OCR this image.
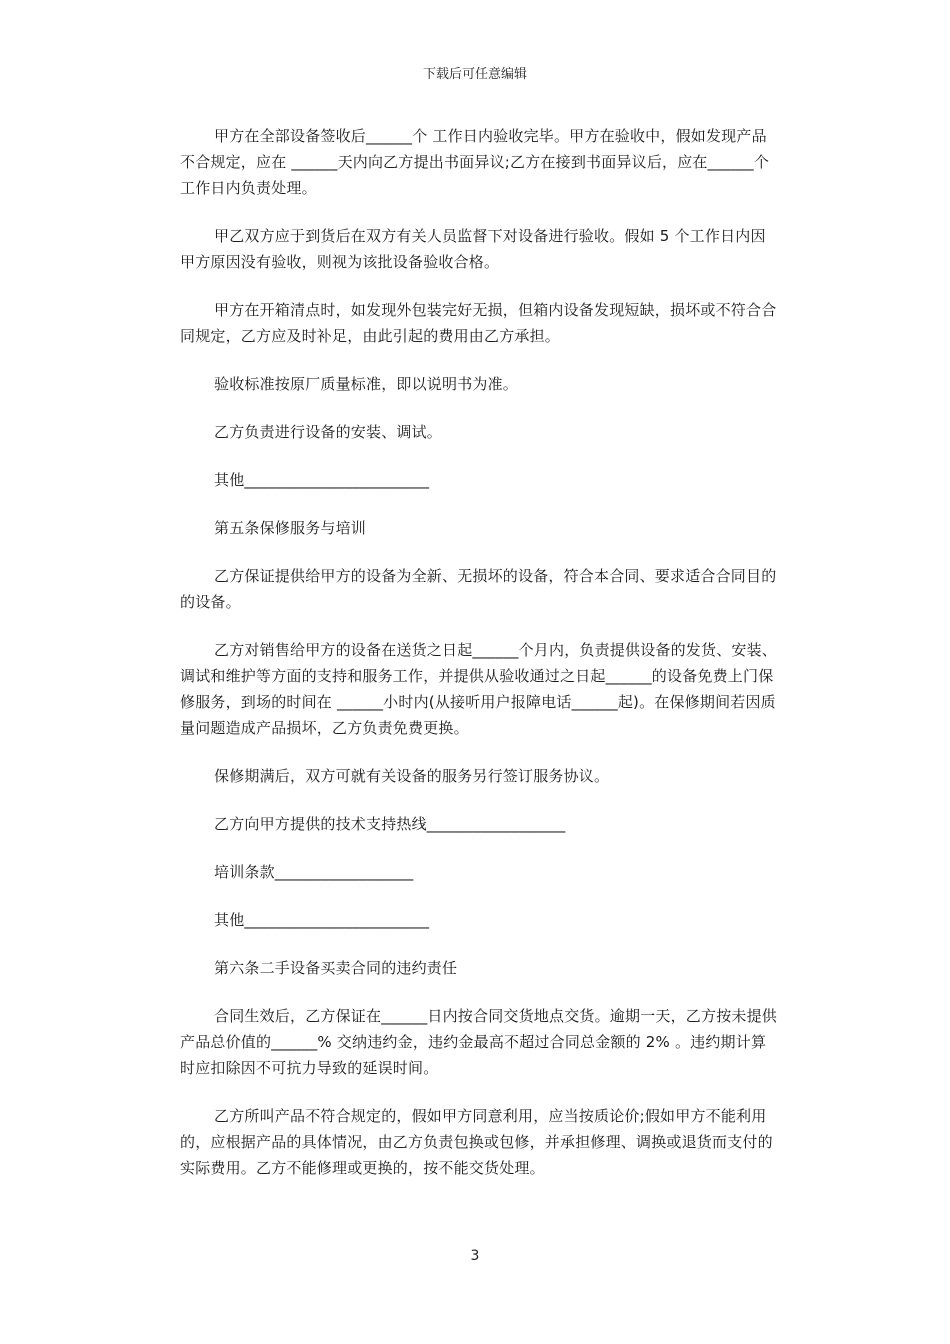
下载后可任意编辑

甲方在全部设备签收后______个 工作日内验收完毕。甲方在验收中，假如发现产品不合规定，应在 ______天内向乙方提出书面异议;乙方在接到书面异议后，应在______个 工作日内负责处理。

甲乙双方应于到货后在双方有关人员监督下对设备进行验收。假如 5 个工作日内因甲方原因没有验收，则视为该批设备验收合格。

甲方在开箱清点时，如发现外包装完好无损，但箱内设备发现短缺，损坏或不符合合同规定，乙方应及时补足，由此引起的费用由乙方承担。

验收标准按原厂质量标准，即以说明书为准。

乙方负责进行设备的安装、调试。

其他________________________

第五条保修服务与培训

乙方保证提供给甲方的设备为全新、无损坏的设备，符合本合同、要求适合合同目的的设备。

乙方对销售给甲方的设备在送货之日起______个月内，负责提供设备的发货、安装、调试和维护等方面的支持和服务工作，并提供从验收通过之日起______的设备免费上门保修服务，到场的时间在 ______小时内(从接听用户报障电话______起)。在保修期间若因质量问题造成产品损坏，乙方负责免费更换。

保修期满后，双方可就有关设备的服务另行签订服务协议。

乙方向甲方提供的技术支持热线__________________

培训条款__________________

其他________________________

第六条二手设备买卖合同的违约责任

合同生效后，乙方保证在______日内按合同交货地点交货。逾期一天，乙方按未提供产品总价值的______% 交纳违约金，违约金最高不超过合同总金额的 2% 。违约期计算时应扣除因不可抗力导致的延误时间。

乙方所叫产品不符合规定的，假如甲方同意利用，应当按质论价;假如甲方不能利用的，应根据产品的具体情况，由乙方负责包换或包修，并承担修理、调换或退货而支付的实际费用。乙方不能修理或更换的，按不能交货处理。

3
